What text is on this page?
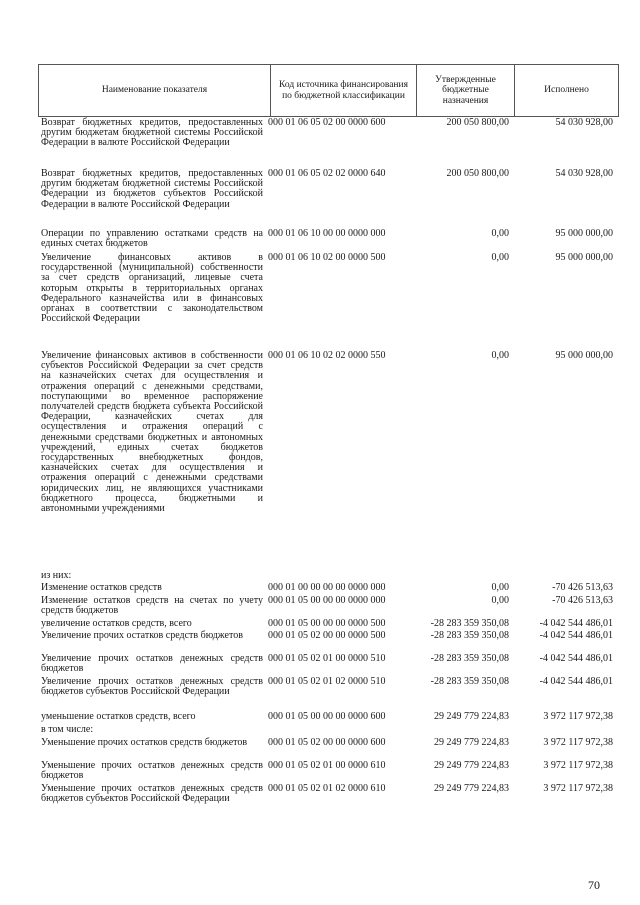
Наименование показателя	Код источника финансирования по бюджетной классификации	Утвержденные бюджетные назначения	Исполнено
Возврат бюджетных кредитов, предоставленных другим бюджетам бюджетной системы Российской Федерации в валюте Российской Федерации
000 01 06 05 02 00 0000 600	200 050 800,00	54 030 928,00
Возврат бюджетных кредитов, предоставленных другим бюджетам бюджетной системы Российской Федерации из бюджетов субъектов Российской Федерации в валюте Российской Федерации
000 01 06 05 02 02 0000 640	200 050 800,00	54 030 928,00
Операции по управлению остатками средств на единых счетах бюджетов
000 01 06 10 00 00 0000 000	0,00	95 000 000,00
Увеличение финансовых активов в государственной (муниципальной) собственности за счет средств организаций, лицевые счета которым открыты в территориальных органах Федерального казначейства или в финансовых органах в соответствии с законодательством Российской Федерации
000 01 06 10 02 00 0000 500	0,00	95 000 000,00
Увеличение финансовых активов в собственности субъектов Российской Федерации за счет средств на казначейских счетах для осуществления и отражения операций с денежными средствами, поступающими во временное распоряжение получателей средств бюджета субъекта Российской Федерации, казначейских счетах для осуществления и отражения операций с денежными средствами бюджетных и автономных учреждений, единых счетах бюджетов государственных внебюджетных фондов, казначейских счетах для осуществления и отражения операций с денежными средствами юридических лиц, не являющихся участниками бюджетного процесса, бюджетными и автономными учреждениями
000 01 06 10 02 02 0000 550	0,00	95 000 000,00
из них:
Изменение остатков средств	000 01 00 00 00 00 0000 000	0,00	-70 426 513,63
Изменение остатков средств на счетах по учету средств бюджетов
000 01 05 00 00 00 0000 000	0,00	-70 426 513,63
увеличение остатков средств, всего	000 01 05 00 00 00 0000 500	-28 283 359 350,08	-4 042 544 486,01
Увеличение прочих остатков средств бюджетов	000 01 05 02 00 00 0000 500	-28 283 359 350,08	-4 042 544 486,01
Увеличение прочих остатков денежных средств бюджетов
000 01 05 02 01 00 0000 510	-28 283 359 350,08	-4 042 544 486,01
Увеличение прочих остатков денежных средств бюджетов субъектов Российской Федерации
000 01 05 02 01 02 0000 510	-28 283 359 350,08	-4 042 544 486,01
уменьшение остатков средств, всего	000 01 05 00 00 00 0000 600	29 249 779 224,83	3 972 117 972,38
в том числе:
Уменьшение прочих остатков средств бюджетов	000 01 05 02 00 00 0000 600	29 249 779 224,83	3 972 117 972,38
Уменьшение прочих остатков денежных средств бюджетов
000 01 05 02 01 00 0000 610	29 249 779 224,83	3 972 117 972,38
Уменьшение прочих остатков денежных средств бюджетов субъектов Российской Федерации
000 01 05 02 01 02 0000 610	29 249 779 224,83	3 972 117 972,38
70
